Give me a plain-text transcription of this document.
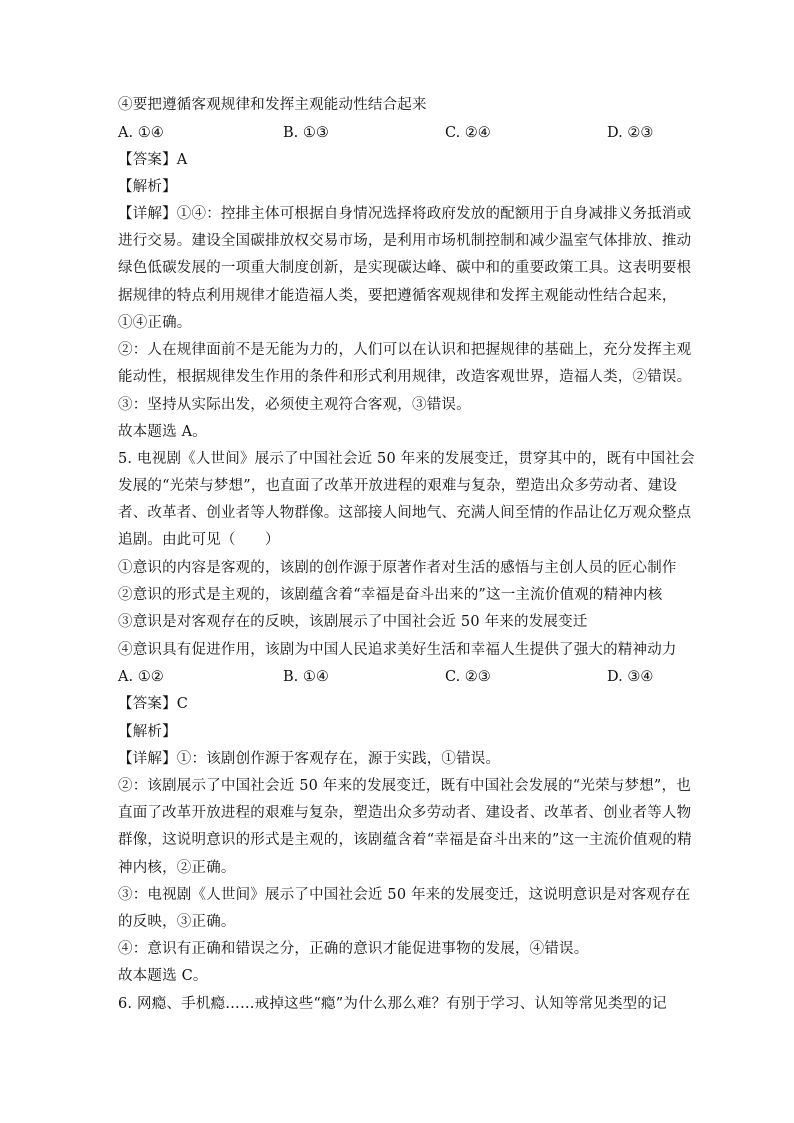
④要把遵循客观规律和发挥主观能动性结合起来
A. ①④	B. ①③	C. ②④	D. ②③
【答案】A
【解析】
【详解】①④：控排主体可根据自身情况选择将政府发放的配额用于自身减排义务抵消或
进行交易。建设全国碳排放权交易市场，是利用市场机制控制和减少温室气体排放、推动
绿色低碳发展的一项重大制度创新，是实现碳达峰、碳中和的重要政策工具。这表明要根
据规律的特点利用规律才能造福人类，要把遵循客观规律和发挥主观能动性结合起来，
①④正确。
②：人在规律面前不是无能为力的，人们可以在认识和把握规律的基础上，充分发挥主观
能动性，根据规律发生作用的条件和形式利用规律，改造客观世界，造福人类，②错误。
③：坚持从实际出发，必须使主观符合客观，③错误。
故本题选 A。
5. 电视剧《人世间》展示了中国社会近 50 年来的发展变迁，贯穿其中的，既有中国社会
发展的“光荣与梦想”，也直面了改革开放进程的艰难与复杂，塑造出众多劳动者、建设
者、改革者、创业者等人物群像。这部接人间地气、充满人间至情的作品让亿万观众整点
追剧。由此可见（　　）
①意识的内容是客观的，该剧的创作源于原著作者对生活的感悟与主创人员的匠心制作
②意识的形式是主观的，该剧蕴含着“幸福是奋斗出来的”这一主流价值观的精神内核
③意识是对客观存在的反映，该剧展示了中国社会近 50 年来的发展变迁
④意识具有促进作用，该剧为中国人民追求美好生活和幸福人生提供了强大的精神动力
A. ①②	B. ①④	C. ②③	D. ③④
【答案】C
【解析】
【详解】①：该剧创作源于客观存在，源于实践，①错误。
②：该剧展示了中国社会近 50 年来的发展变迁，既有中国社会发展的“光荣与梦想”，也
直面了改革开放进程的艰难与复杂，塑造出众多劳动者、建设者、改革者、创业者等人物
群像，这说明意识的形式是主观的，该剧蕴含着“幸福是奋斗出来的”这一主流价值观的精
神内核，②正确。
③：电视剧《人世间》展示了中国社会近 50 年来的发展变迁，这说明意识是对客观存在
的反映，③正确。
④：意识有正确和错误之分，正确的意识才能促进事物的发展，④错误。
故本题选 C。
6. 网瘾、手机瘾……戒掉这些“瘾”为什么那么难？有别于学习、认知等常见类型的记
